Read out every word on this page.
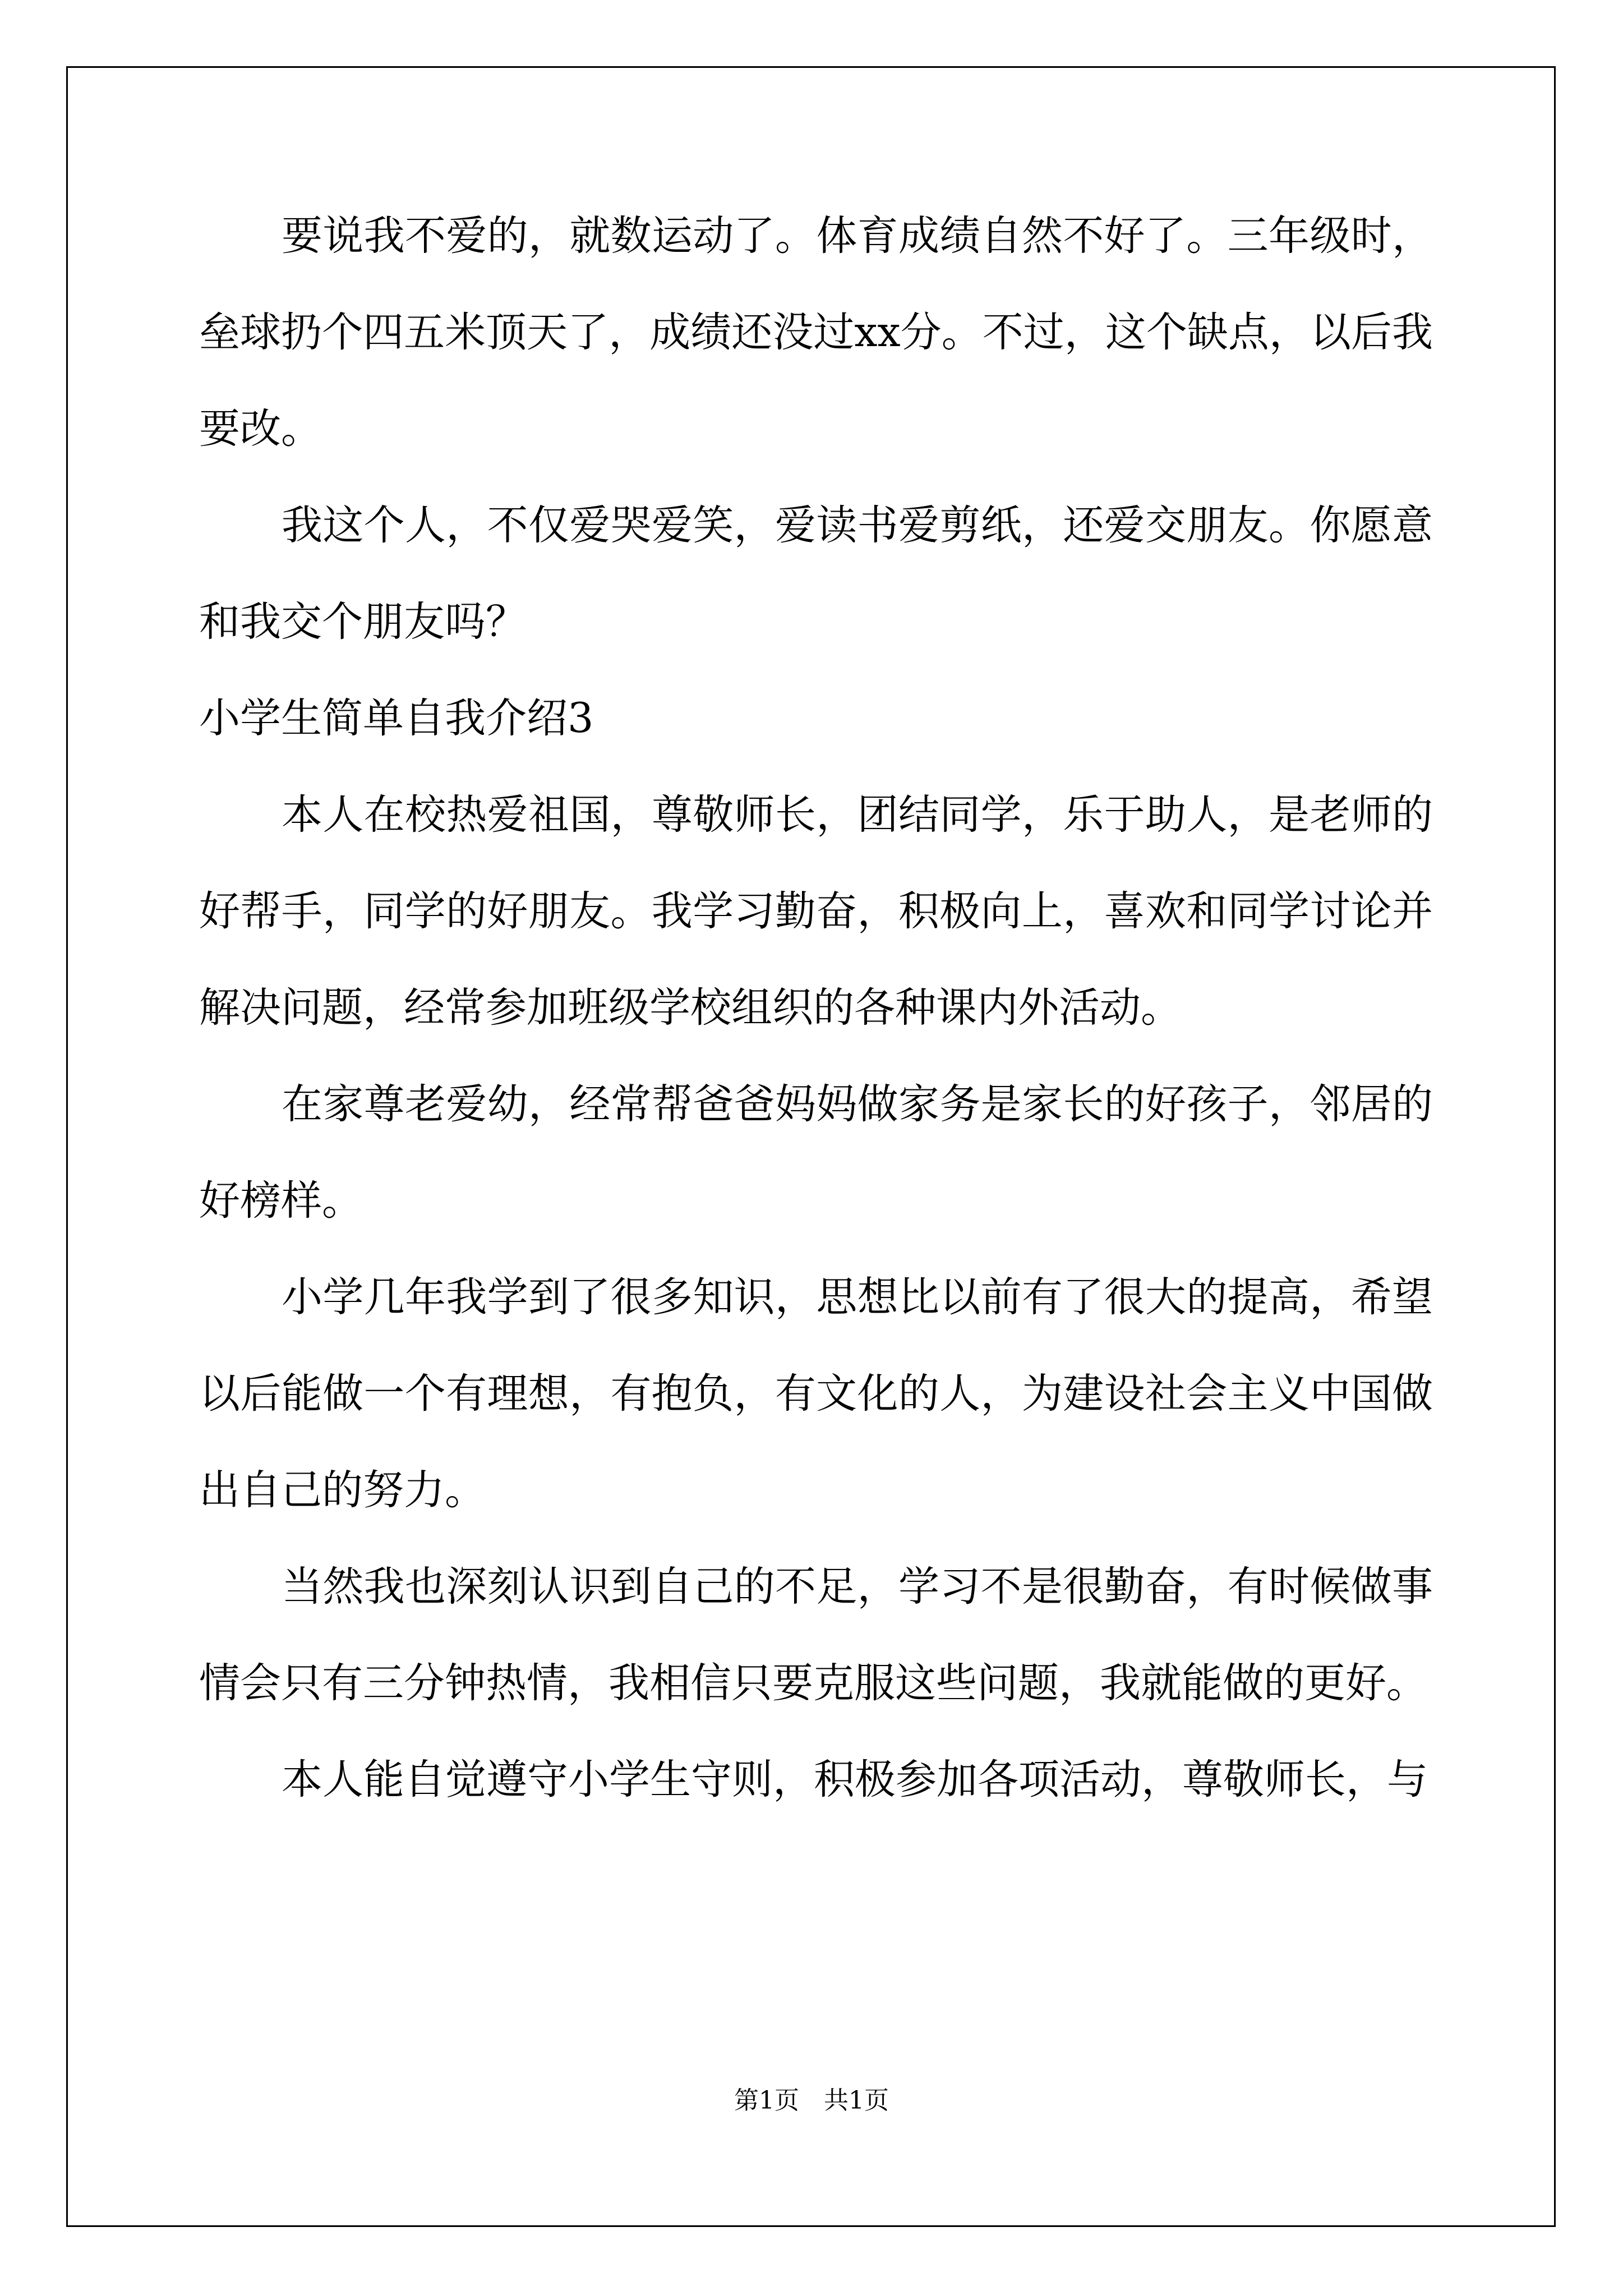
要说我不爱的，就数运动了。体育成绩自然不好了。三年级时，垒球扔个四五米顶天了，成绩还没过xx分。不过，这个缺点，以后我要改。

我这个人，不仅爱哭爱笑，爱读书爱剪纸，还爱交朋友。你愿意和我交个朋友吗？

小学生简单自我介绍3

本人在校热爱祖国，尊敬师长，团结同学，乐于助人，是老师的好帮手，同学的好朋友。我学习勤奋，积极向上，喜欢和同学讨论并解决问题，经常参加班级学校组织的各种课内外活动。

在家尊老爱幼，经常帮爸爸妈妈做家务是家长的好孩子，邻居的好榜样。

小学几年我学到了很多知识，思想比以前有了很大的提高，希望以后能做一个有理想，有抱负，有文化的人，为建设社会主义中国做出自己的努力。

当然我也深刻认识到自己的不足，学习不是很勤奋，有时候做事情会只有三分钟热情，我相信只要克服这些问题，我就能做的更好。

本人能自觉遵守小学生守则，积极参加各项活动，尊敬师长，与

第1页　共1页
